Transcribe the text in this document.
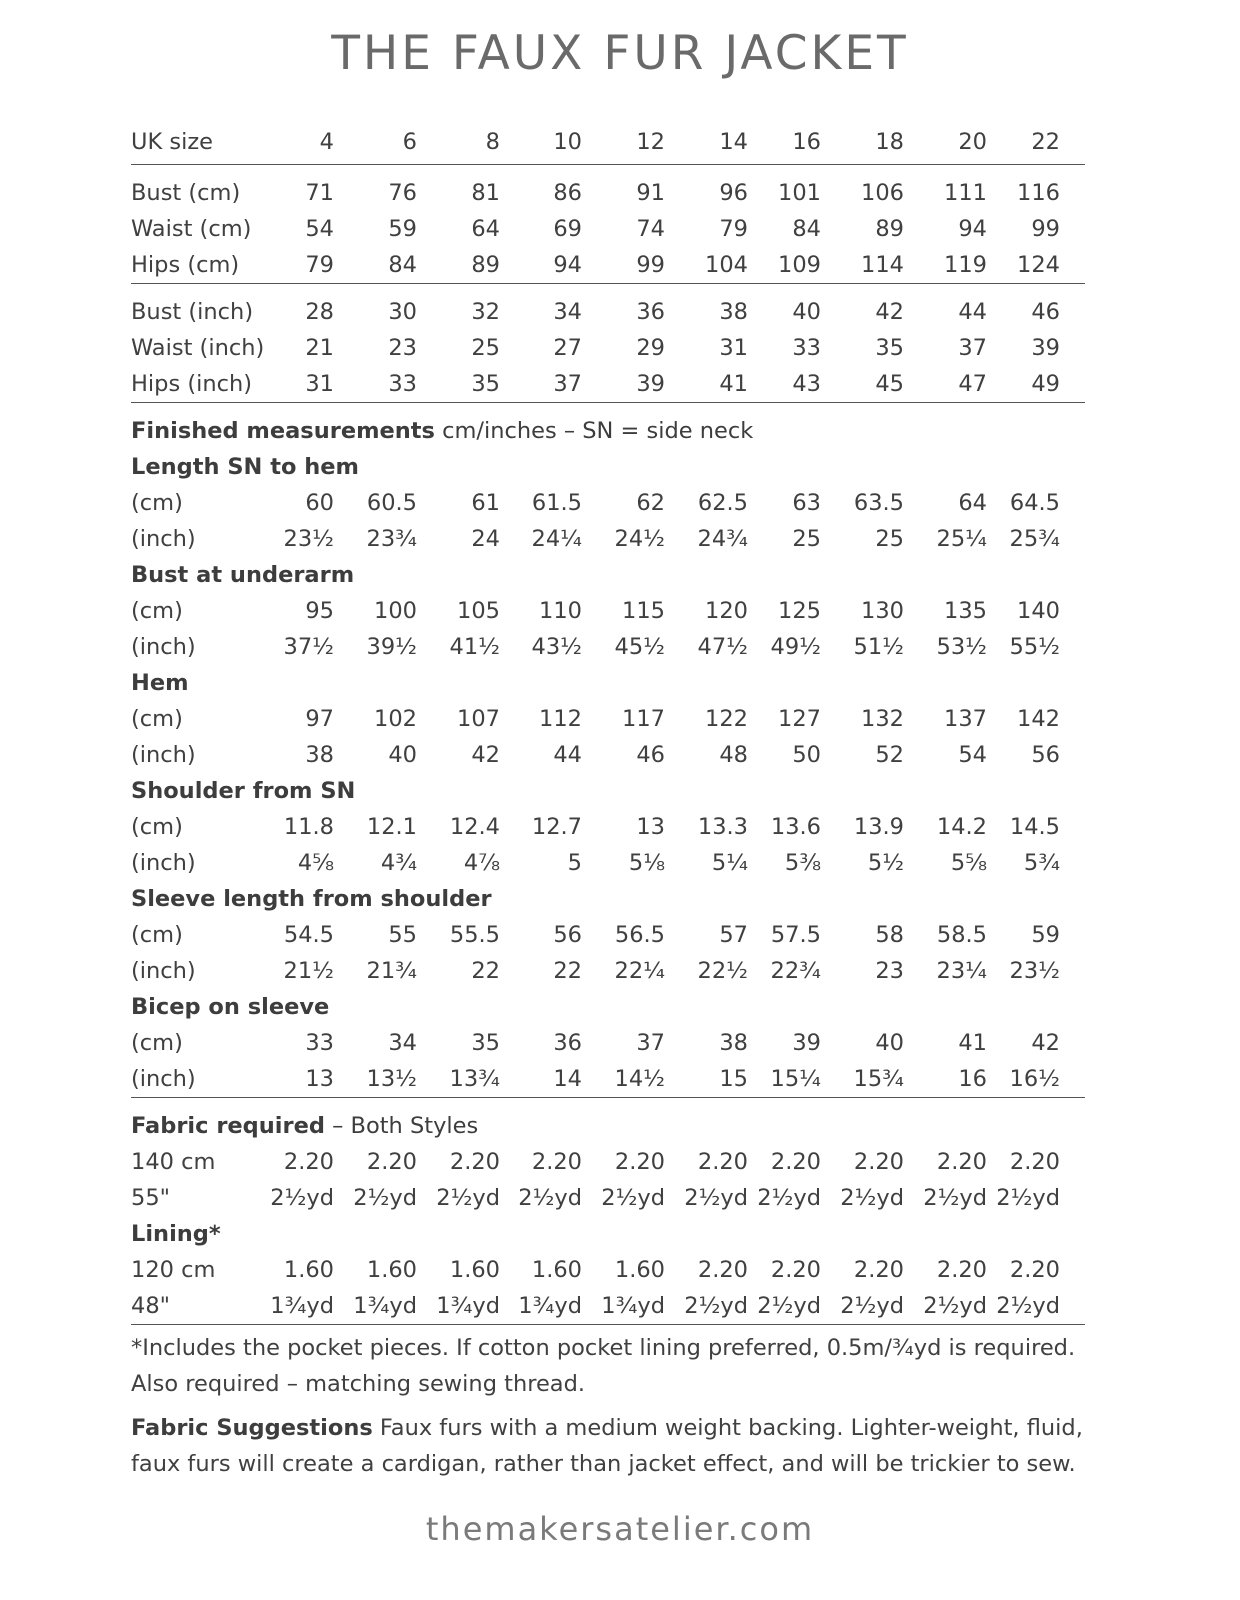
THE FAUX FUR JACKET
UK size	4	6	8	10	12	14	16	18	20	22	
Bust (cm)	71	76	81	86	91	96	101	106	111	116	
Waist (cm)	54	59	64	69	74	79	84	89	94	99	
Hips (cm)	79	84	89	94	99	104	109	114	119	124	
Bust (inch)	28	30	32	34	36	38	40	42	44	46	
Waist (inch)	21	23	25	27	29	31	33	35	37	39	
Hips (inch)	31	33	35	37	39	41	43	45	47	49	
Finished measurements cm/inches – SN = side neck											
Length SN to hem											
(cm)	60	60.5	61	61.5	62	62.5	63	63.5	64	64.5	
(inch)	23½	23¾	24	24¼	24½	24¾	25	25	25¼	25¾	
Bust at underarm											
(cm)	95	100	105	110	115	120	125	130	135	140	
(inch)	37½	39½	41½	43½	45½	47½	49½	51½	53½	55½	
Hem											
(cm)	97	102	107	112	117	122	127	132	137	142	
(inch)	38	40	42	44	46	48	50	52	54	56	
Shoulder from SN											
(cm)	11.8	12.1	12.4	12.7	13	13.3	13.6	13.9	14.2	14.5	
(inch)	4⅝	4¾	4⅞	5	5⅛	5¼	5⅜	5½	5⅝	5¾	
Sleeve length from shoulder											
(cm)	54.5	55	55.5	56	56.5	57	57.5	58	58.5	59	
(inch)	21½	21¾	22	22	22¼	22½	22¾	23	23¼	23½	
Bicep on sleeve											
(cm)	33	34	35	36	37	38	39	40	41	42	
(inch)	13	13½	13¾	14	14½	15	15¼	15¾	16	16½	
Fabric required – Both Styles											
140 cm	2.20	2.20	2.20	2.20	2.20	2.20	2.20	2.20	2.20	2.20	
55"	2½yd	2½yd	2½yd	2½yd	2½yd	2½yd	2½yd	2½yd	2½yd	2½yd	
Lining*											
120 cm	1.60	1.60	1.60	1.60	1.60	2.20	2.20	2.20	2.20	2.20	
48"	1¾yd	1¾yd	1¾yd	1¾yd	1¾yd	2½yd	2½yd	2½yd	2½yd	2½yd	

*Includes the pocket pieces. If cotton pocket lining preferred, 0.5m/¾yd is required.
Also required – matching sewing thread.

Fabric Suggestions Faux furs with a medium weight backing. Lighter-weight, fluid,
faux furs will create a cardigan, rather than jacket effect, and will be trickier to sew.

themakersatelier.com
